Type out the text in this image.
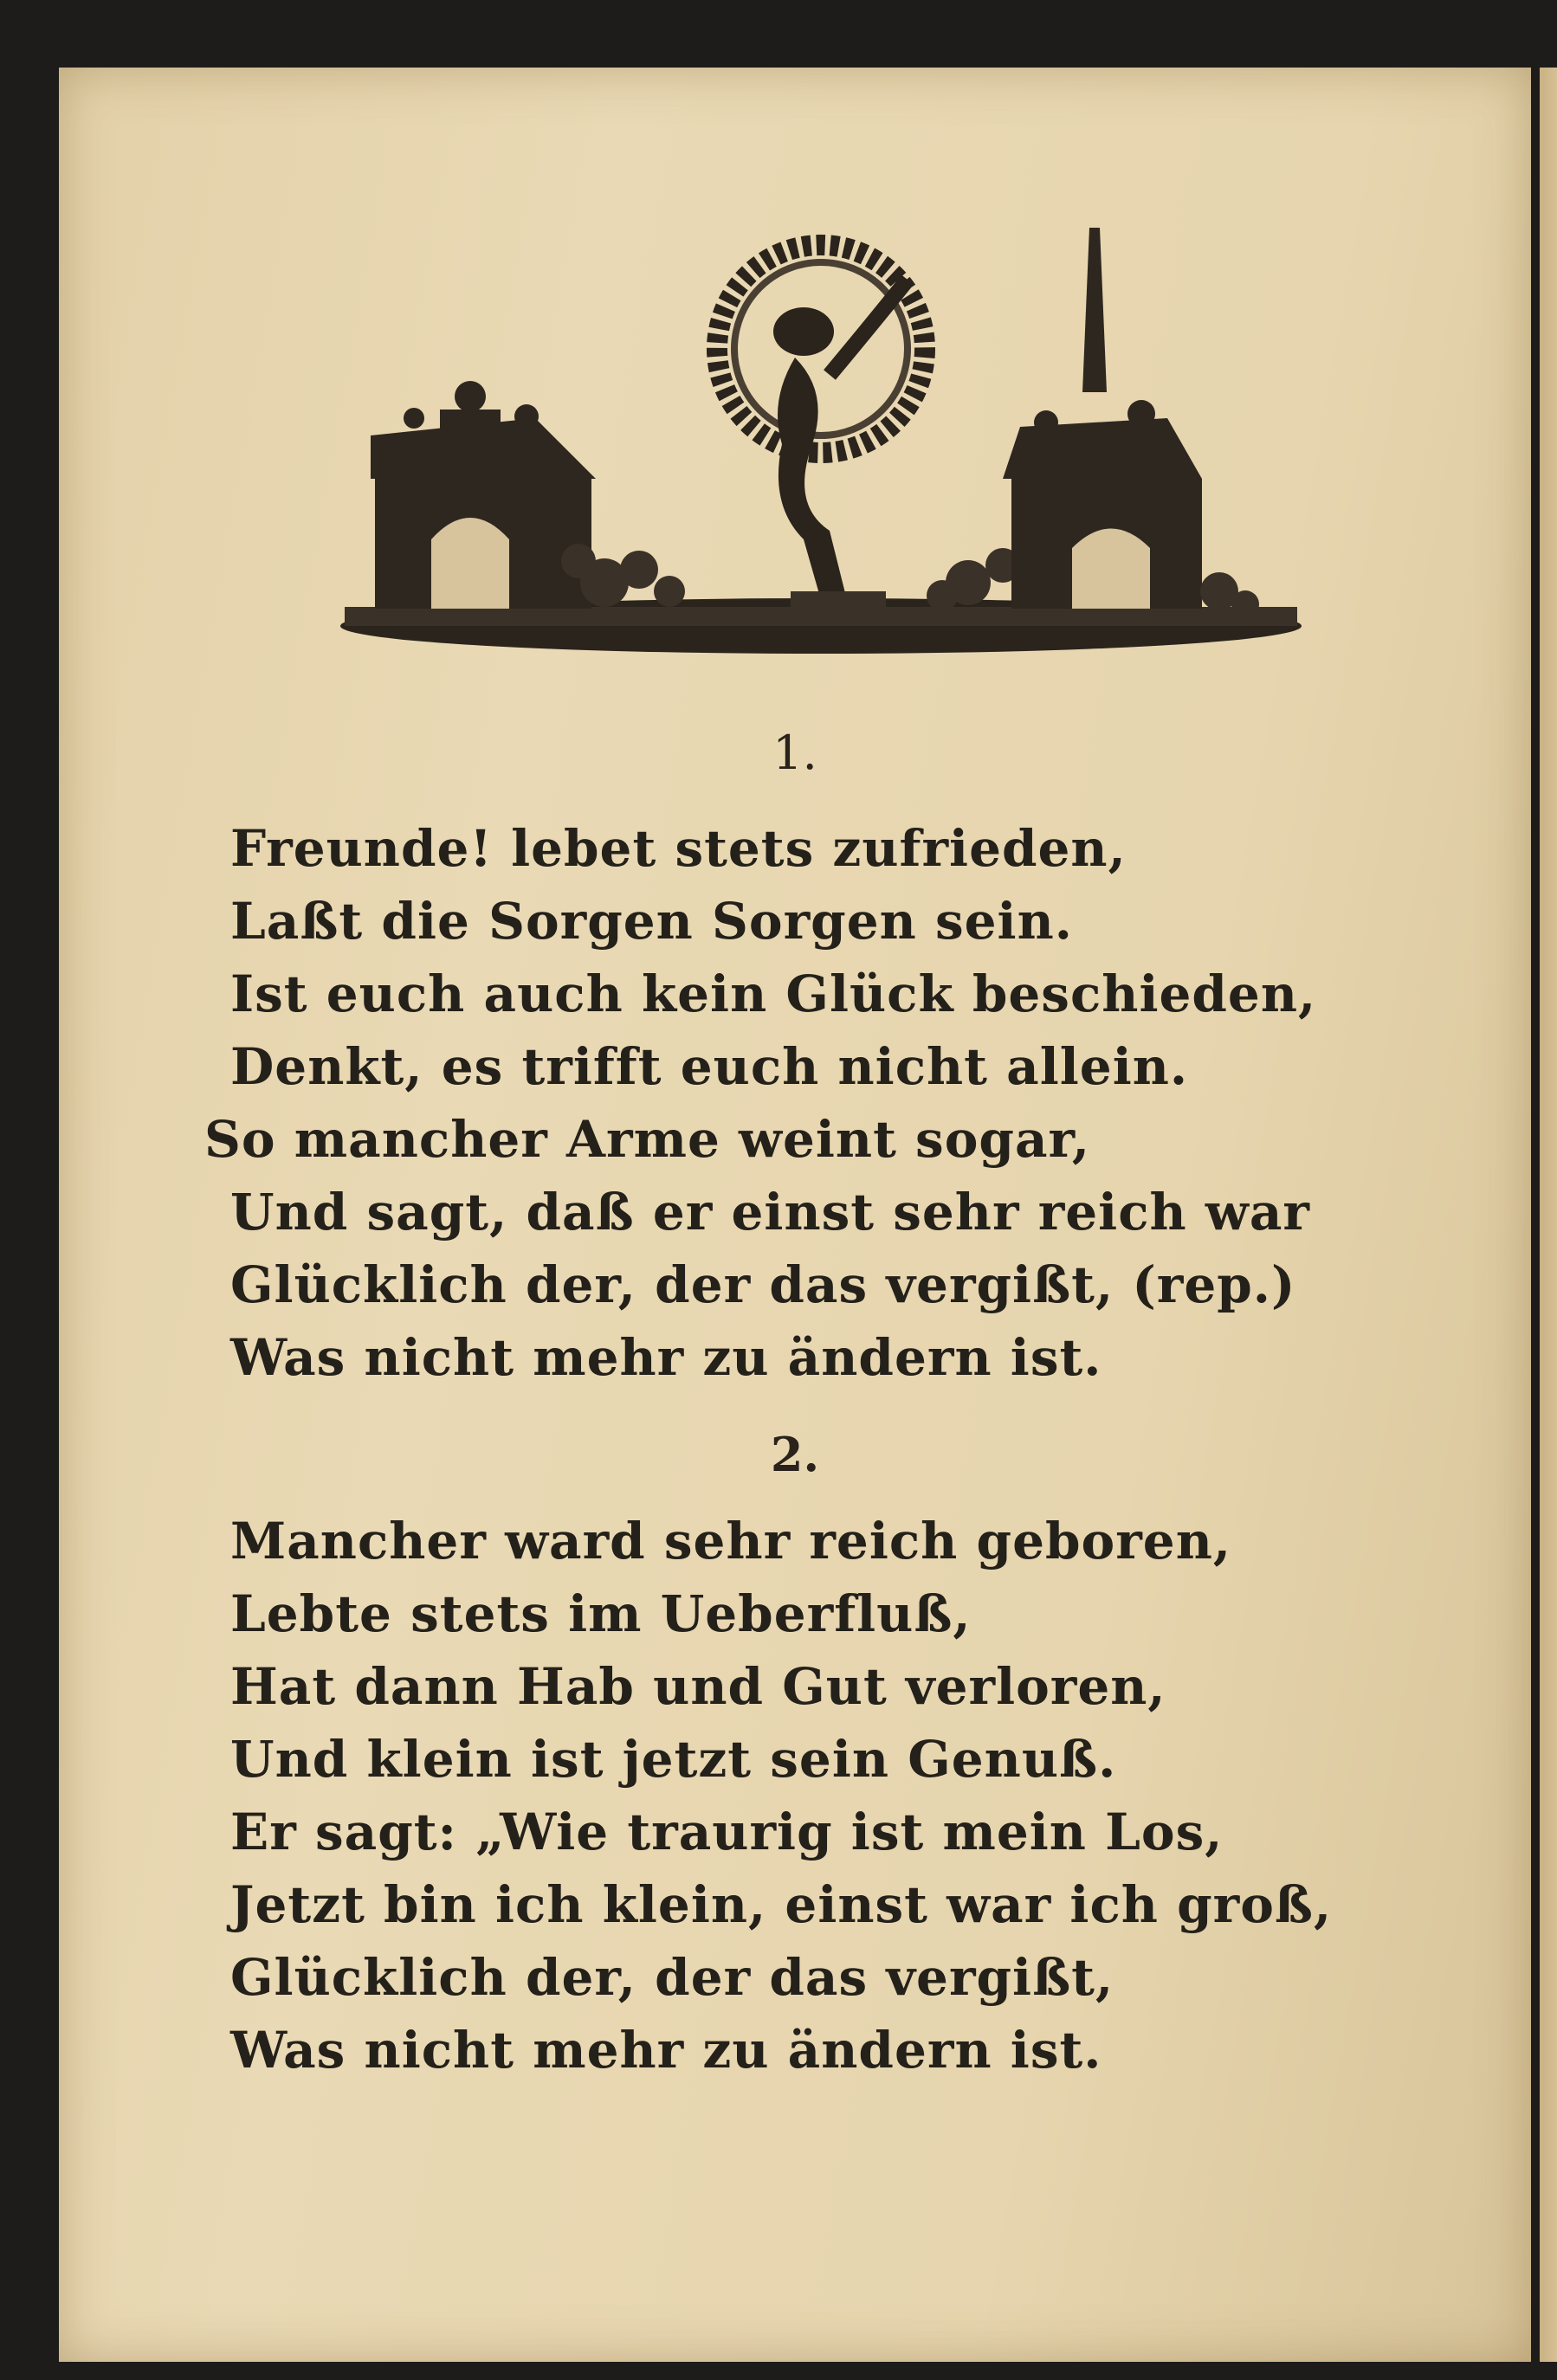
1.
Freunde! lebet stets zufrieden,
Laßt die Sorgen Sorgen sein.
Ist euch auch kein Glück beschieden,
Denkt, es trifft euch nicht allein.
So mancher Arme weint sogar,
Und sagt, daß er einst sehr reich war
Glücklich der, der das vergißt, (rep.)
Was nicht mehr zu ändern ist.
2.
Mancher ward sehr reich geboren,
Lebte stets im Ueberfluß,
Hat dann Hab und Gut verloren,
Und klein ist jetzt sein Genuß.
Er sagt: „Wie traurig ist mein Los,
Jetzt bin ich klein, einst war ich groß,
Glücklich der, der das vergißt,
Was nicht mehr zu ändern ist.
